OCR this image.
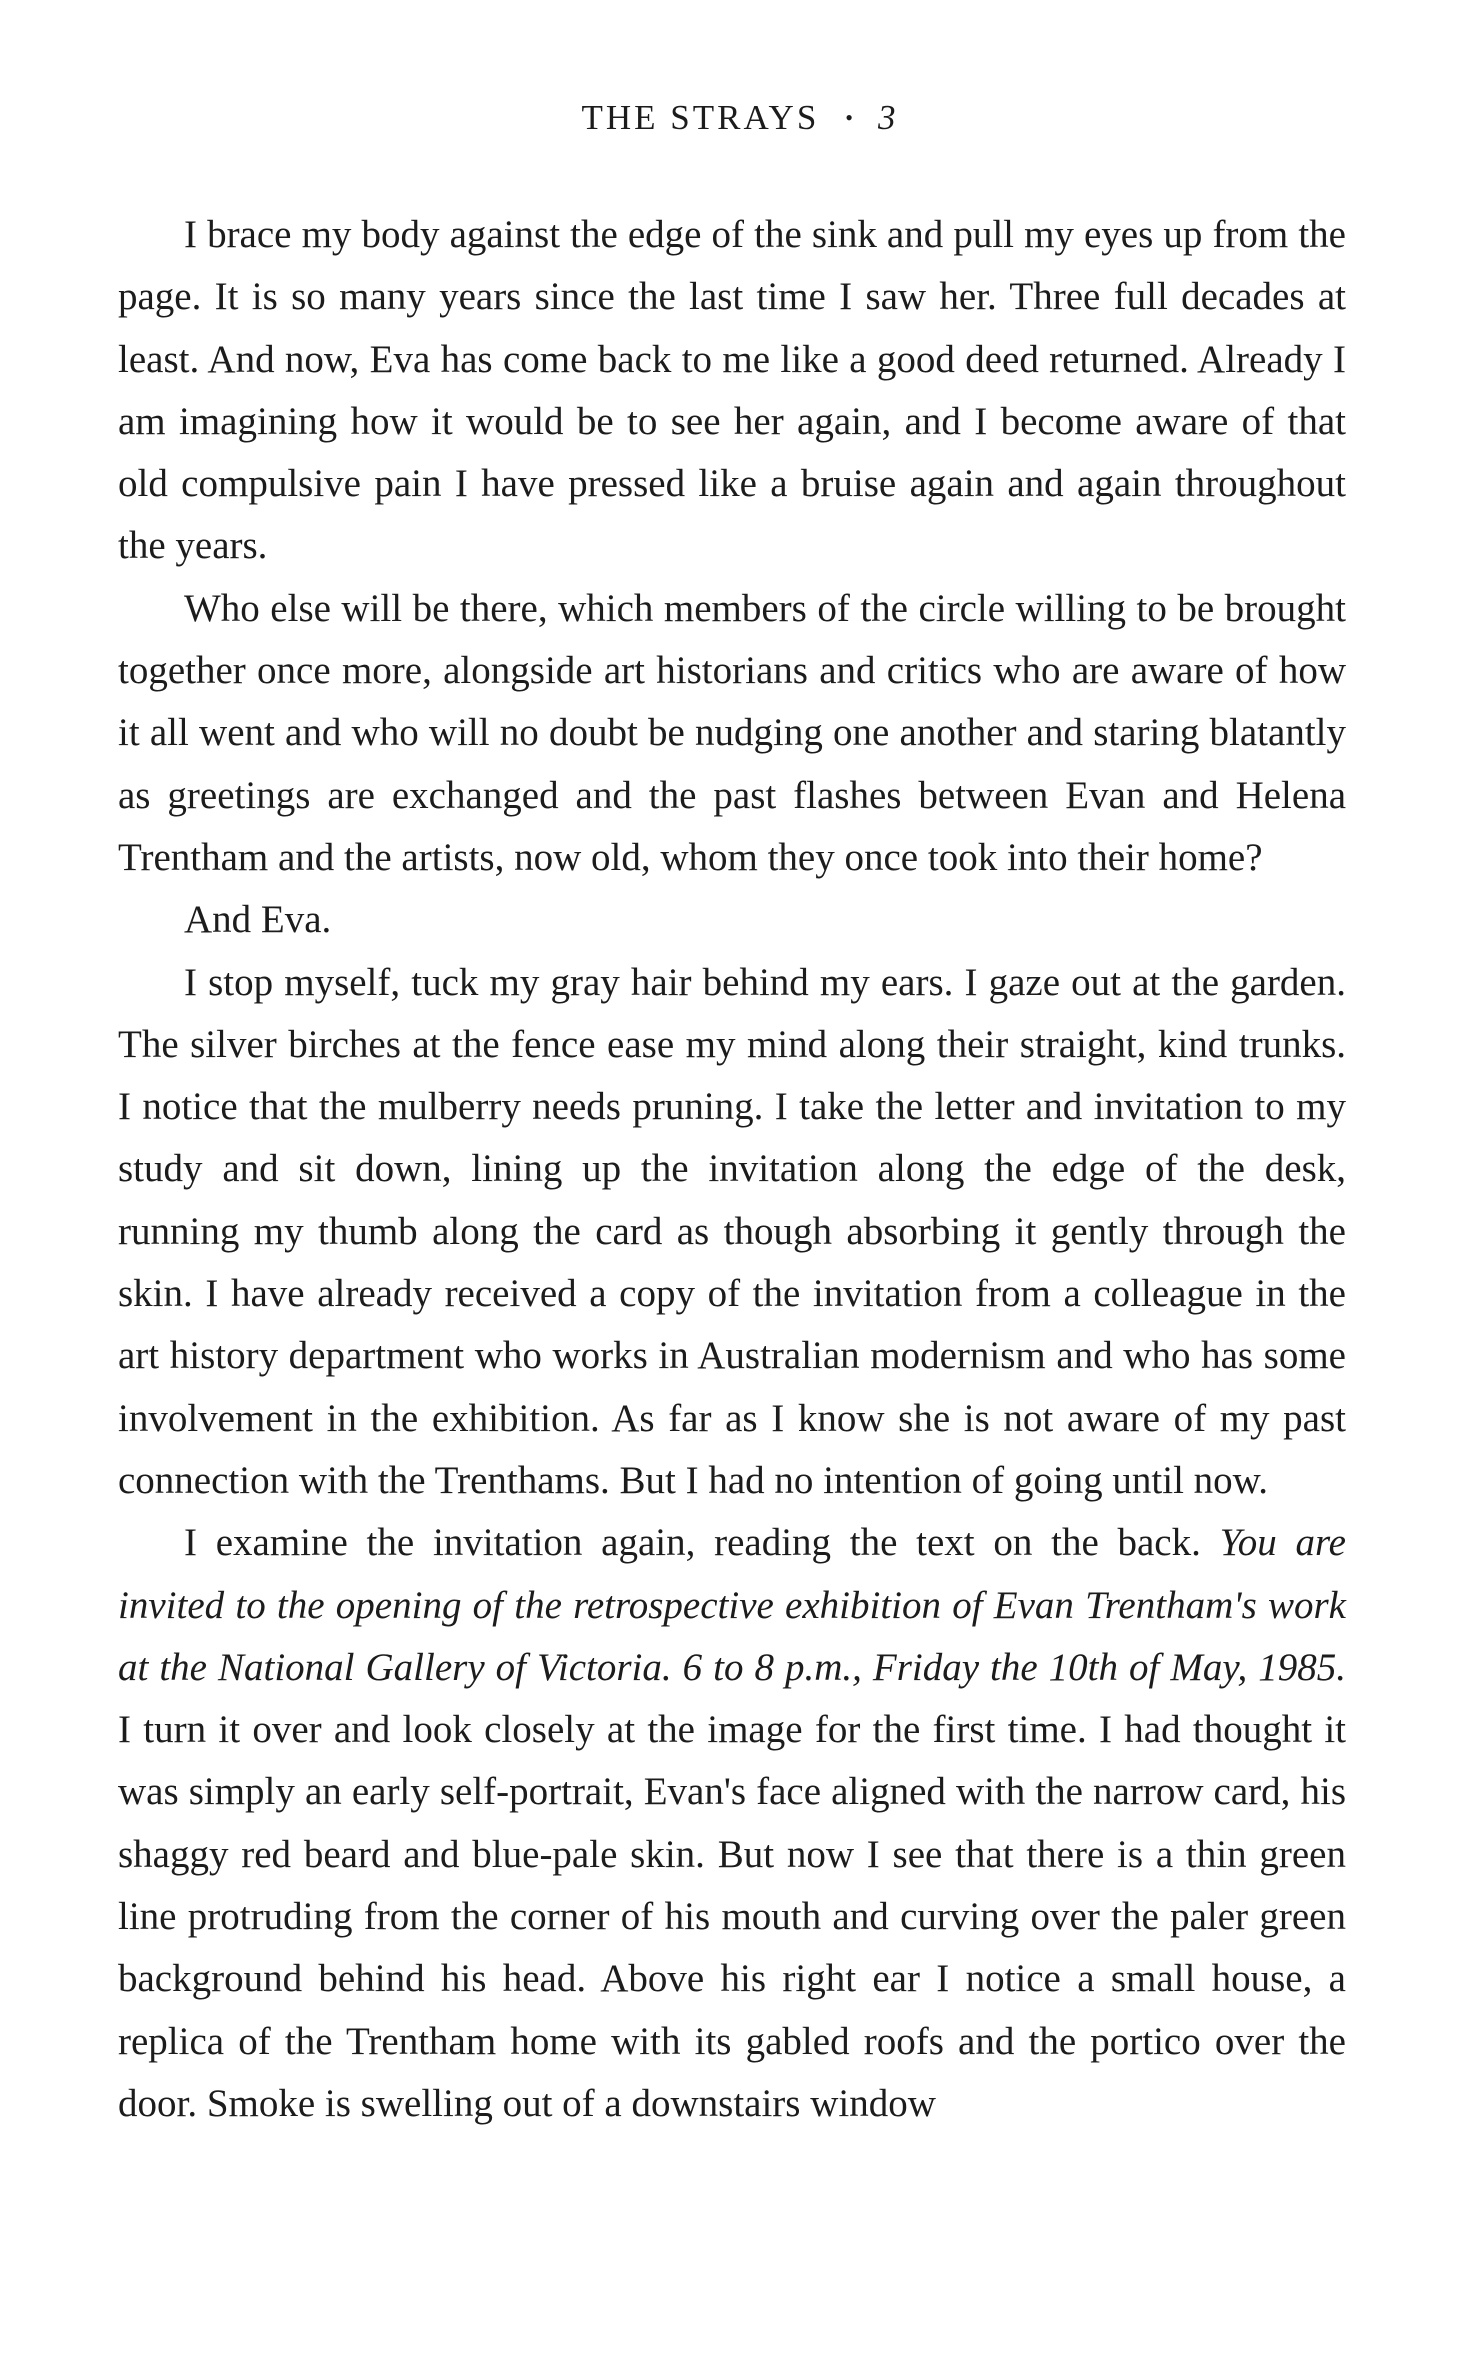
THE STRAYS • 3

I brace my body against the edge of the sink and pull my eyes up from the page. It is so many years since the last time I saw her. Three full decades at least. And now, Eva has come back to me like a good deed returned. Already I am imagining how it would be to see her again, and I become aware of that old compulsive pain I have pressed like a bruise again and again throughout the years.

Who else will be there, which members of the circle willing to be brought together once more, alongside art historians and critics who are aware of how it all went and who will no doubt be nudging one another and staring blatantly as greetings are exchanged and the past flashes between Evan and Helena Trentham and the artists, now old, whom they once took into their home?

And Eva.

I stop myself, tuck my gray hair behind my ears. I gaze out at the garden. The silver birches at the fence ease my mind along their straight, kind trunks. I notice that the mulberry needs pruning. I take the letter and invitation to my study and sit down, lining up the invitation along the edge of the desk, running my thumb along the card as though absorbing it gently through the skin. I have already received a copy of the invitation from a colleague in the art history department who works in Australian modernism and who has some involvement in the exhibition. As far as I know she is not aware of my past connection with the Trenthams. But I had no intention of going until now.

I examine the invitation again, reading the text on the back. You are invited to the opening of the retrospective exhibition of Evan Trentham's work at the National Gallery of Victoria. 6 to 8 p.m., Friday the 10th of May, 1985. I turn it over and look closely at the image for the first time. I had thought it was simply an early self-portrait, Evan's face aligned with the narrow card, his shaggy red beard and blue-pale skin. But now I see that there is a thin green line protruding from the corner of his mouth and curving over the paler green background behind his head. Above his right ear I notice a small house, a replica of the Trentham home with its gabled roofs and the portico over the door. Smoke is swelling out of a downstairs window
